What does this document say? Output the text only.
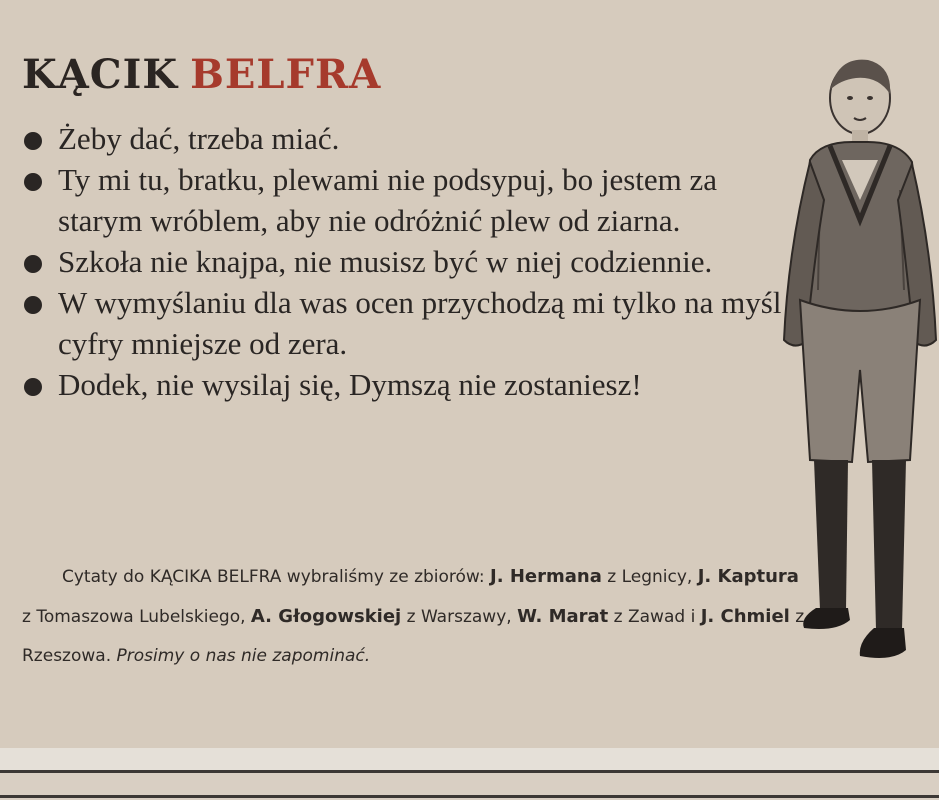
KĄCIK BELFRA
Żeby dać, trzeba miać.
Ty mi tu, bratku, plewami nie podsypuj, bo jestem za starym wróblem, aby nie odróżnić plew od ziarna.
Szkoła nie knajpa, nie musisz być w niej codziennie.
W wymyślaniu dla was ocen przychodzą mi tylko na myśl cyfry mniejsze od zera.
Dodek, nie wysilaj się, Dymszą nie zostaniesz!

Cytaty do KĄCIKA BELFRA wybraliśmy ze zbiorów: J. Hermana z Legnicy, J. Kaptura z Tomaszowa Lubelskiego, A. Głogowskiej z Warszawy, W. Marat z Zawad i J. Chmiel z Rzeszowa. Prosimy o nas nie zapominać.
